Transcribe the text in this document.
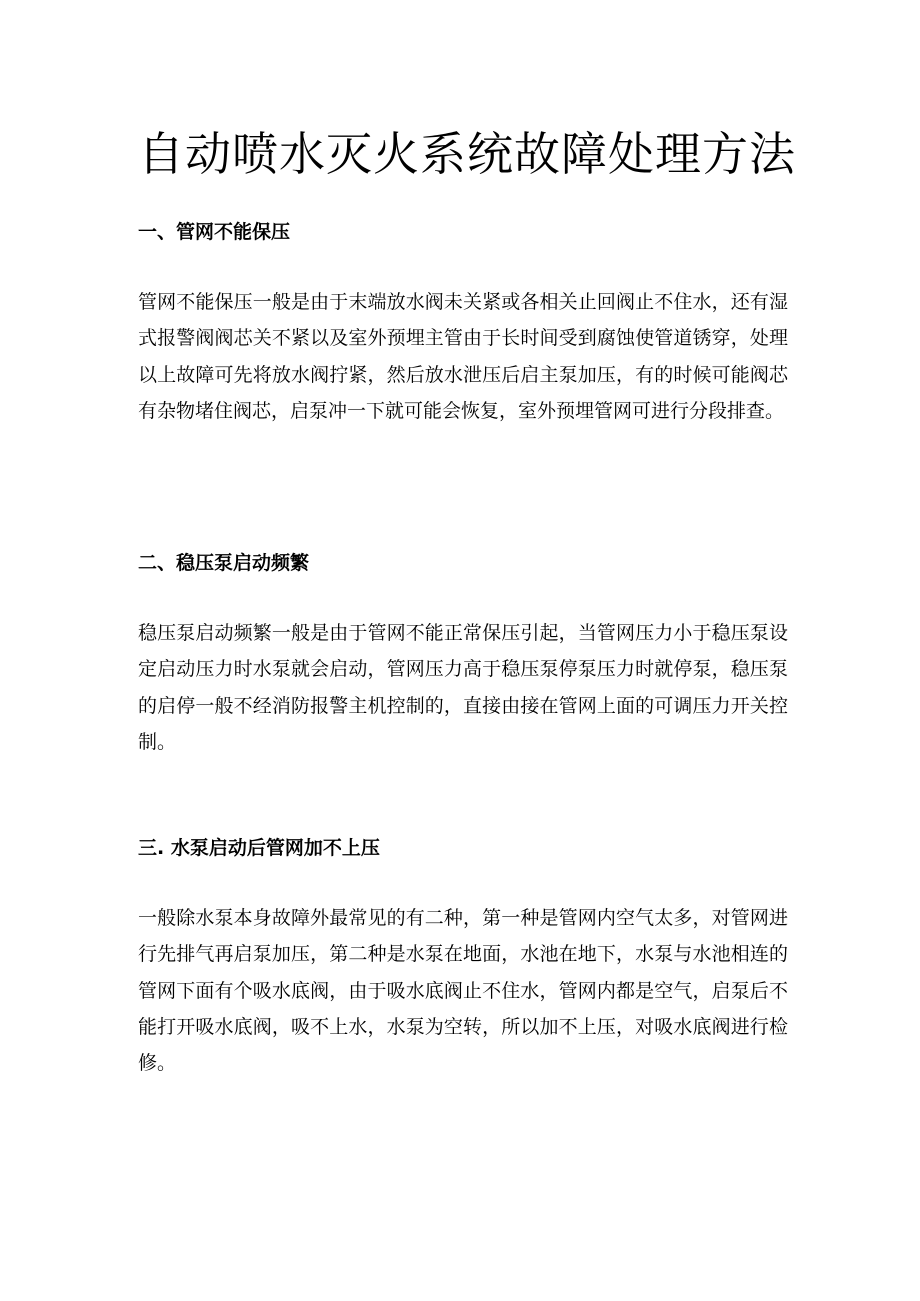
自动喷水灭火系统故障处理方法
一、管网不能保压

管网不能保压一般是由于末端放水阀未关紧或各相关止回阀止不住水，还有湿式报警阀阀芯关不紧以及室外预埋主管由于长时间受到腐蚀使管道锈穿，处理以上故障可先将放水阀拧紧，然后放水泄压后启主泵加压，有的时候可能阀芯有杂物堵住阀芯，启泵冲一下就可能会恢复，室外预埋管网可进行分段排查。

二、稳压泵启动频繁

稳压泵启动频繁一般是由于管网不能正常保压引起，当管网压力小于稳压泵设定启动压力时水泵就会启动，管网压力高于稳压泵停泵压力时就停泵，稳压泵的启停一般不经消防报警主机控制的，直接由接在管网上面的可调压力开关控制。

三. 水泵启动后管网加不上压

一般除水泵本身故障外最常见的有二种，第一种是管网内空气太多，对管网进行先排气再启泵加压，第二种是水泵在地面，水池在地下，水泵与水池相连的管网下面有个吸水底阀，由于吸水底阀止不住水，管网内都是空气，启泵后不能打开吸水底阀，吸不上水，水泵为空转，所以加不上压，对吸水底阀进行检修。
